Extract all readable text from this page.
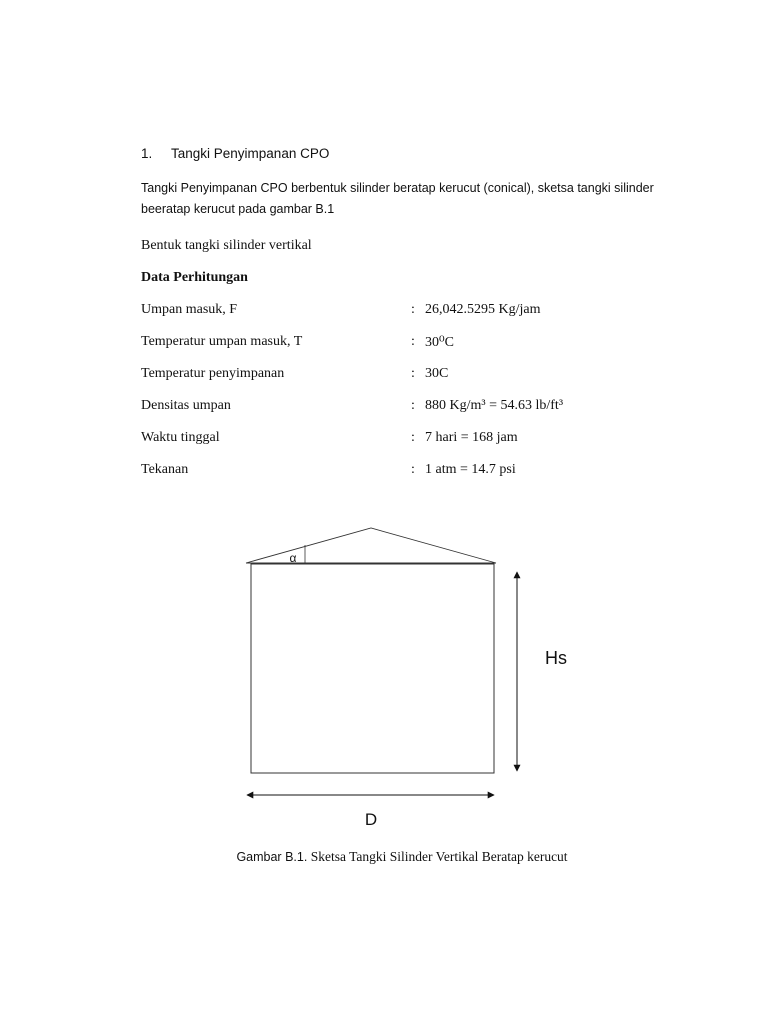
1. Tangki Penyimpanan CPO
Tangki Penyimpanan CPO berbentuk silinder beratap kerucut (conical), sketsa tangki silinder
beeratap kerucut pada gambar B.1
Bentuk tangki silinder vertikal
Data Perhitungan
Umpan masuk, F	: 26,042.5295 Kg/jam
Temperatur umpan masuk, T	: 30⁰C
Temperatur penyimpanan	: 30C
Densitas umpan	: 880 Kg/m³ = 54.63 lb/ft³
Waktu tinggal	: 7 hari = 168 jam
Tekanan	: 1 atm = 14.7 psi
α
Hs
D
Gambar B.1. Sketsa Tangki Silinder Vertikal Beratap kerucut
